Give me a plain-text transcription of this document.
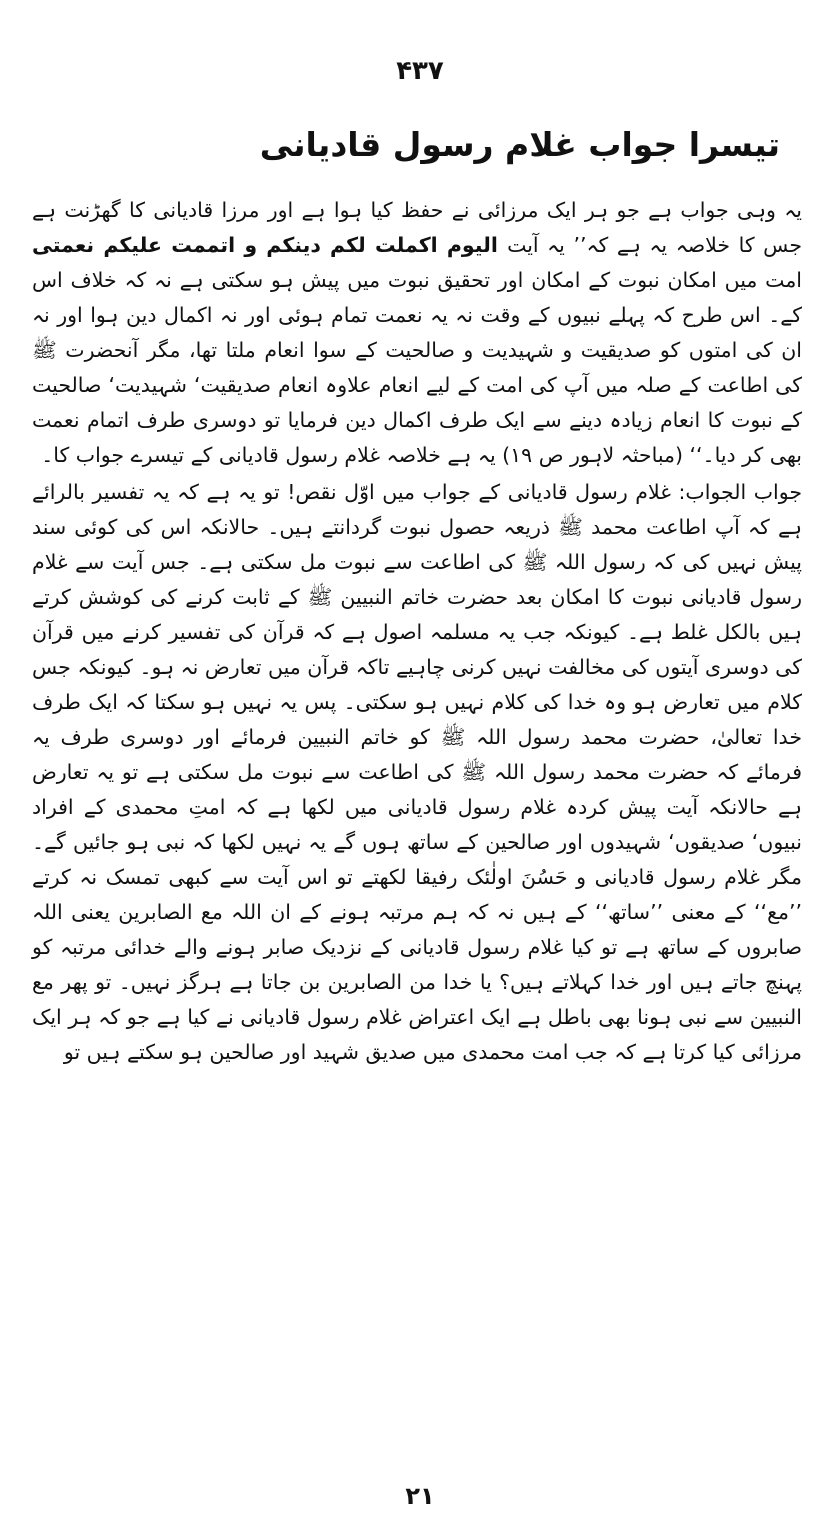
۴۳۷
تیسرا جواب غلام رسول قادیانی

یہ وہی جواب ہے جو ہر ایک مرزائی نے حفظ کیا ہوا ہے اور مرزا قادیانی کا گھڑنت ہے جس کا خلاصہ یہ ہے کہ’’ یہ آیت الیوم اکملت لکم دینکم و اتممت علیکم نعمتی امت میں امکان نبوت کے امکان اور تحقیق نبوت میں پیش ہو سکتی ہے نہ کہ خلاف اس کے۔ اس طرح کہ پہلے نبیوں کے وقت نہ یہ نعمت تمام ہوئی اور نہ اکمال دین ہوا اور نہ ان کی امتوں کو صدیقیت و شہیدیت و صالحیت کے سوا انعام ملتا تھا، مگر آنحضرت ﷺ کی اطاعت کے صلہ میں آپ کی امت کے لیے انعام علاوہ انعام صدیقیت‘ شہیدیت‘ صالحیت کے نبوت کا انعام زیادہ دینے سے ایک طرف اکمال دین فرمایا تو دوسری طرف اتمام نعمت بھی کر دیا۔‘‘ (مباحثہ لاہور ص ۱۹) یہ ہے خلاصہ غلام رسول قادیانی کے تیسرے جواب کا۔

جواب الجواب: غلام رسول قادیانی کے جواب میں اوّل نقص! تو یہ ہے کہ یہ تفسیر بالرائے ہے کہ آپ اطاعت محمد ﷺ ذریعہ حصول نبوت گردانتے ہیں۔ حالانکہ اس کی کوئی سند پیش نہیں کی کہ رسول اللہ ﷺ کی اطاعت سے نبوت مل سکتی ہے۔ جس آیت سے غلام رسول قادیانی نبوت کا امکان بعد حضرت خاتم النبیین ﷺ کے ثابت کرنے کی کوشش کرتے ہیں بالکل غلط ہے۔ کیونکہ جب یہ مسلمہ اصول ہے کہ قرآن کی تفسیر کرنے میں قرآن کی دوسری آیتوں کی مخالفت نہیں کرنی چاہیے تاکہ قرآن میں تعارض نہ ہو۔ کیونکہ جس کلام میں تعارض ہو وہ خدا کی کلام نہیں ہو سکتی۔ پس یہ نہیں ہو سکتا کہ ایک طرف خدا تعالیٰ، حضرت محمد رسول اللہ ﷺ کو خاتم النبیین فرمائے اور دوسری طرف یہ فرمائے کہ حضرت محمد رسول اللہ ﷺ کی اطاعت سے نبوت مل سکتی ہے تو یہ تعارض ہے حالانکہ آیت پیش کردہ غلام رسول قادیانی میں لکھا ہے کہ امتِ محمدی کے افراد نبیوں‘ صدیقوں‘ شہیدوں اور صالحین کے ساتھ ہوں گے یہ نہیں لکھا کہ نبی ہو جائیں گے۔ مگر غلام رسول قادیانی و حَسُنَ اولٰئک رفیقا لکھتے تو اس آیت سے کبھی تمسک نہ کرتے ’’مع‘‘ کے معنی ’’ساتھ‘‘ کے ہیں نہ کہ ہم مرتبہ ہونے کے ان اللہ مع الصابرین یعنی اللہ صابروں کے ساتھ ہے تو کیا غلام رسول قادیانی کے نزدیک صابر ہونے والے خدائی مرتبہ کو پہنچ جاتے ہیں اور خدا کہلاتے ہیں؟ یا خدا من الصابرین بن جاتا ہے ہرگز نہیں۔ تو پھر مع النبیین سے نبی ہونا بھی باطل ہے ایک اعتراض غلام رسول قادیانی نے کیا ہے جو کہ ہر ایک مرزائی کیا کرتا ہے کہ جب امت محمدی میں صدیق شہید اور صالحین ہو سکتے ہیں تو

۲۱
